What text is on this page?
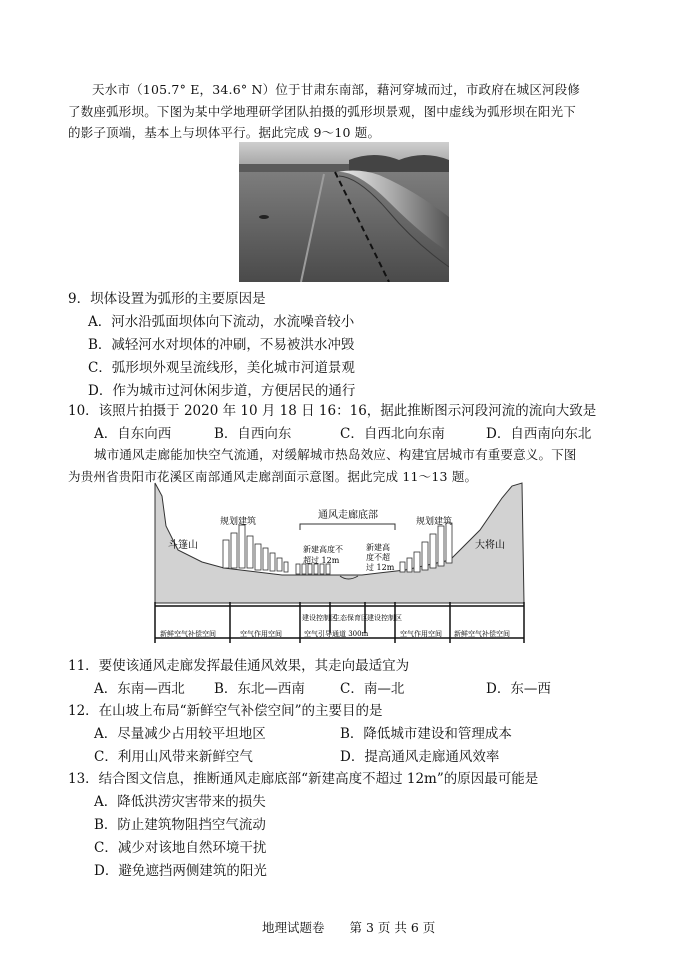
天水市（105.7° E，34.6° N）位于甘肃东南部，藉河穿城而过，市政府在城区河段修
了数座弧形坝。下图为某中学地理研学团队拍摄的弧形坝景观，图中虚线为弧形坝在阳光下
的影子顶端，基本上与坝体平行。据此完成 9～10 题。
9．坝体设置为弧形的主要原因是
A．河水沿弧面坝体向下流动，水流噪音较小
B．减轻河水对坝体的冲刷，不易被洪水冲毁
C．弧形坝外观呈流线形，美化城市河道景观
D．作为城市过河休闲步道，方便居民的通行
10．该照片拍摄于 2020 年 10 月 18 日 16：16，据此推断图示河段河流的流向大致是
A．自东向西	B．自西向东	C．自西北向东南	D．自西南向东北
城市通风走廊能加快空气流通，对缓解城市热岛效应、构建宜居城市有重要意义。下图
为贵州省贵阳市花溪区南部通风走廊剖面示意图。据此完成 11～13 题。
斗篷山	大将山
规划建筑	规划建筑
通风走廊底部
新建高度不
超过 12m
新建高
度不超
过 12m
建设控制区
生态保育区 建设控制区
新鲜空气补偿空间	空气作用空间	空气引导通道 300m	空气作用空间 新鲜空气补偿空间
11．要使该通风走廊发挥最佳通风效果，其走向最适宜为
A．东南—西北 B．东北—西南	C．南—北	D．东—西
12．在山坡上布局“新鲜空气补偿空间”的主要目的是
A．尽量减少占用较平坦地区	B．降低城市建设和管理成本
C．利用山风带来新鲜空气	D．提高通风走廊通风效率
13．结合图文信息，推断通风走廊底部“新建高度不超过 12m”的原因最可能是
A．降低洪涝灾害带来的损失
B．防止建筑物阻挡空气流动
C．减少对该地自然环境干扰
D．避免遮挡两侧建筑的阳光
地理试题卷　　第 3 页 共 6 页
